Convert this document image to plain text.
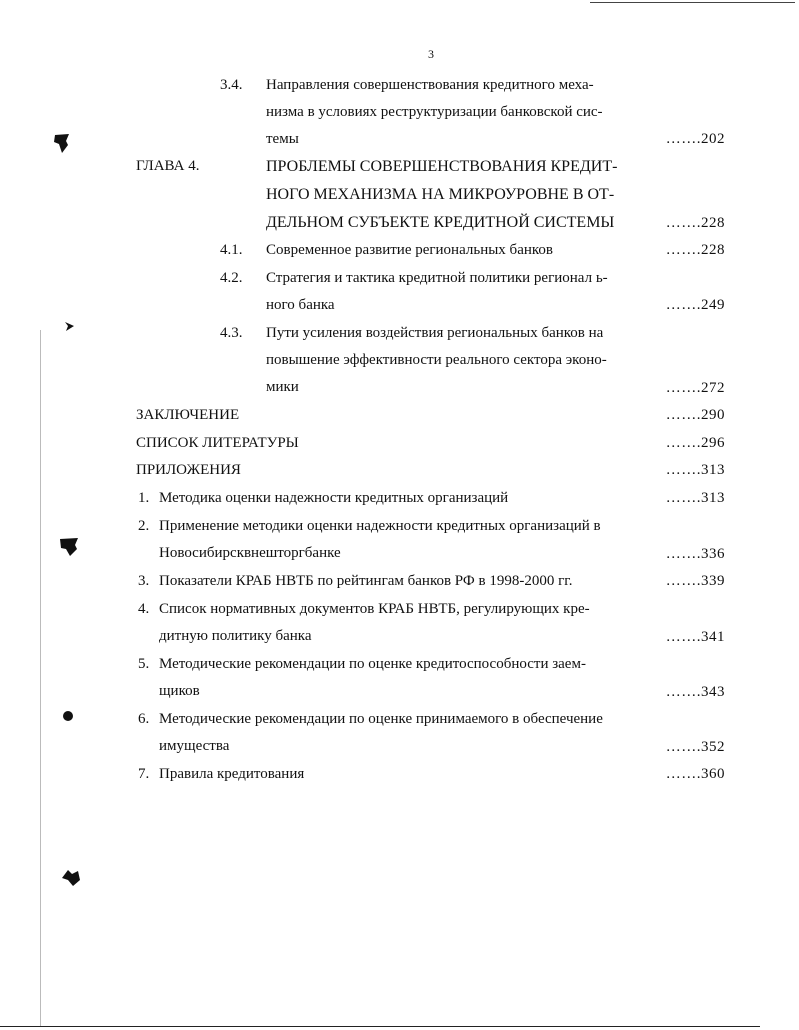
3
3.4. Направления совершенствования кредитного меха-
низма в условиях реструктуризации банковской сис-
темы	…….202
ГЛАВА 4.	ПРОБЛЕМЫ СОВЕРШЕНСТВОВАНИЯ КРЕДИТ-
НОГО МЕХАНИЗМА НА МИКРОУРОВНЕ В ОТ-
ДЕЛЬНОМ СУБЪЕКТЕ КРЕДИТНОЙ СИСТЕМЫ	…….228
4.1. Современное развитие региональных банков	…….228
4.2. Стратегия и тактика кредитной политики регионал ь-
ного банка	…….249
4.3. Пути усиления воздействия региональных банков на
повышение эффективности реального сектора эконо-
мики	…….272
ЗАКЛЮЧЕНИЕ	…….290
СПИСОК ЛИТЕРАТУРЫ	…….296
ПРИЛОЖЕНИЯ	…….313
1. Методика оценки надежности кредитных организаций	…….313
2. Применение методики оценки надежности кредитных организаций в
Новосибирсквнешторгбанке	…….336
3. Показатели КРАБ НВТБ по рейтингам банков РФ в 1998-2000 гг.	…….339
4. Список нормативных документов КРАБ НВТБ, регулирующих кре-
дитную политику банка	…….341
5. Методические рекомендации по оценке кредитоспособности заем-
щиков	…….343
6. Методические рекомендации по оценке принимаемого в обеспечение
имущества	…….352
7. Правила кредитования	…….360
